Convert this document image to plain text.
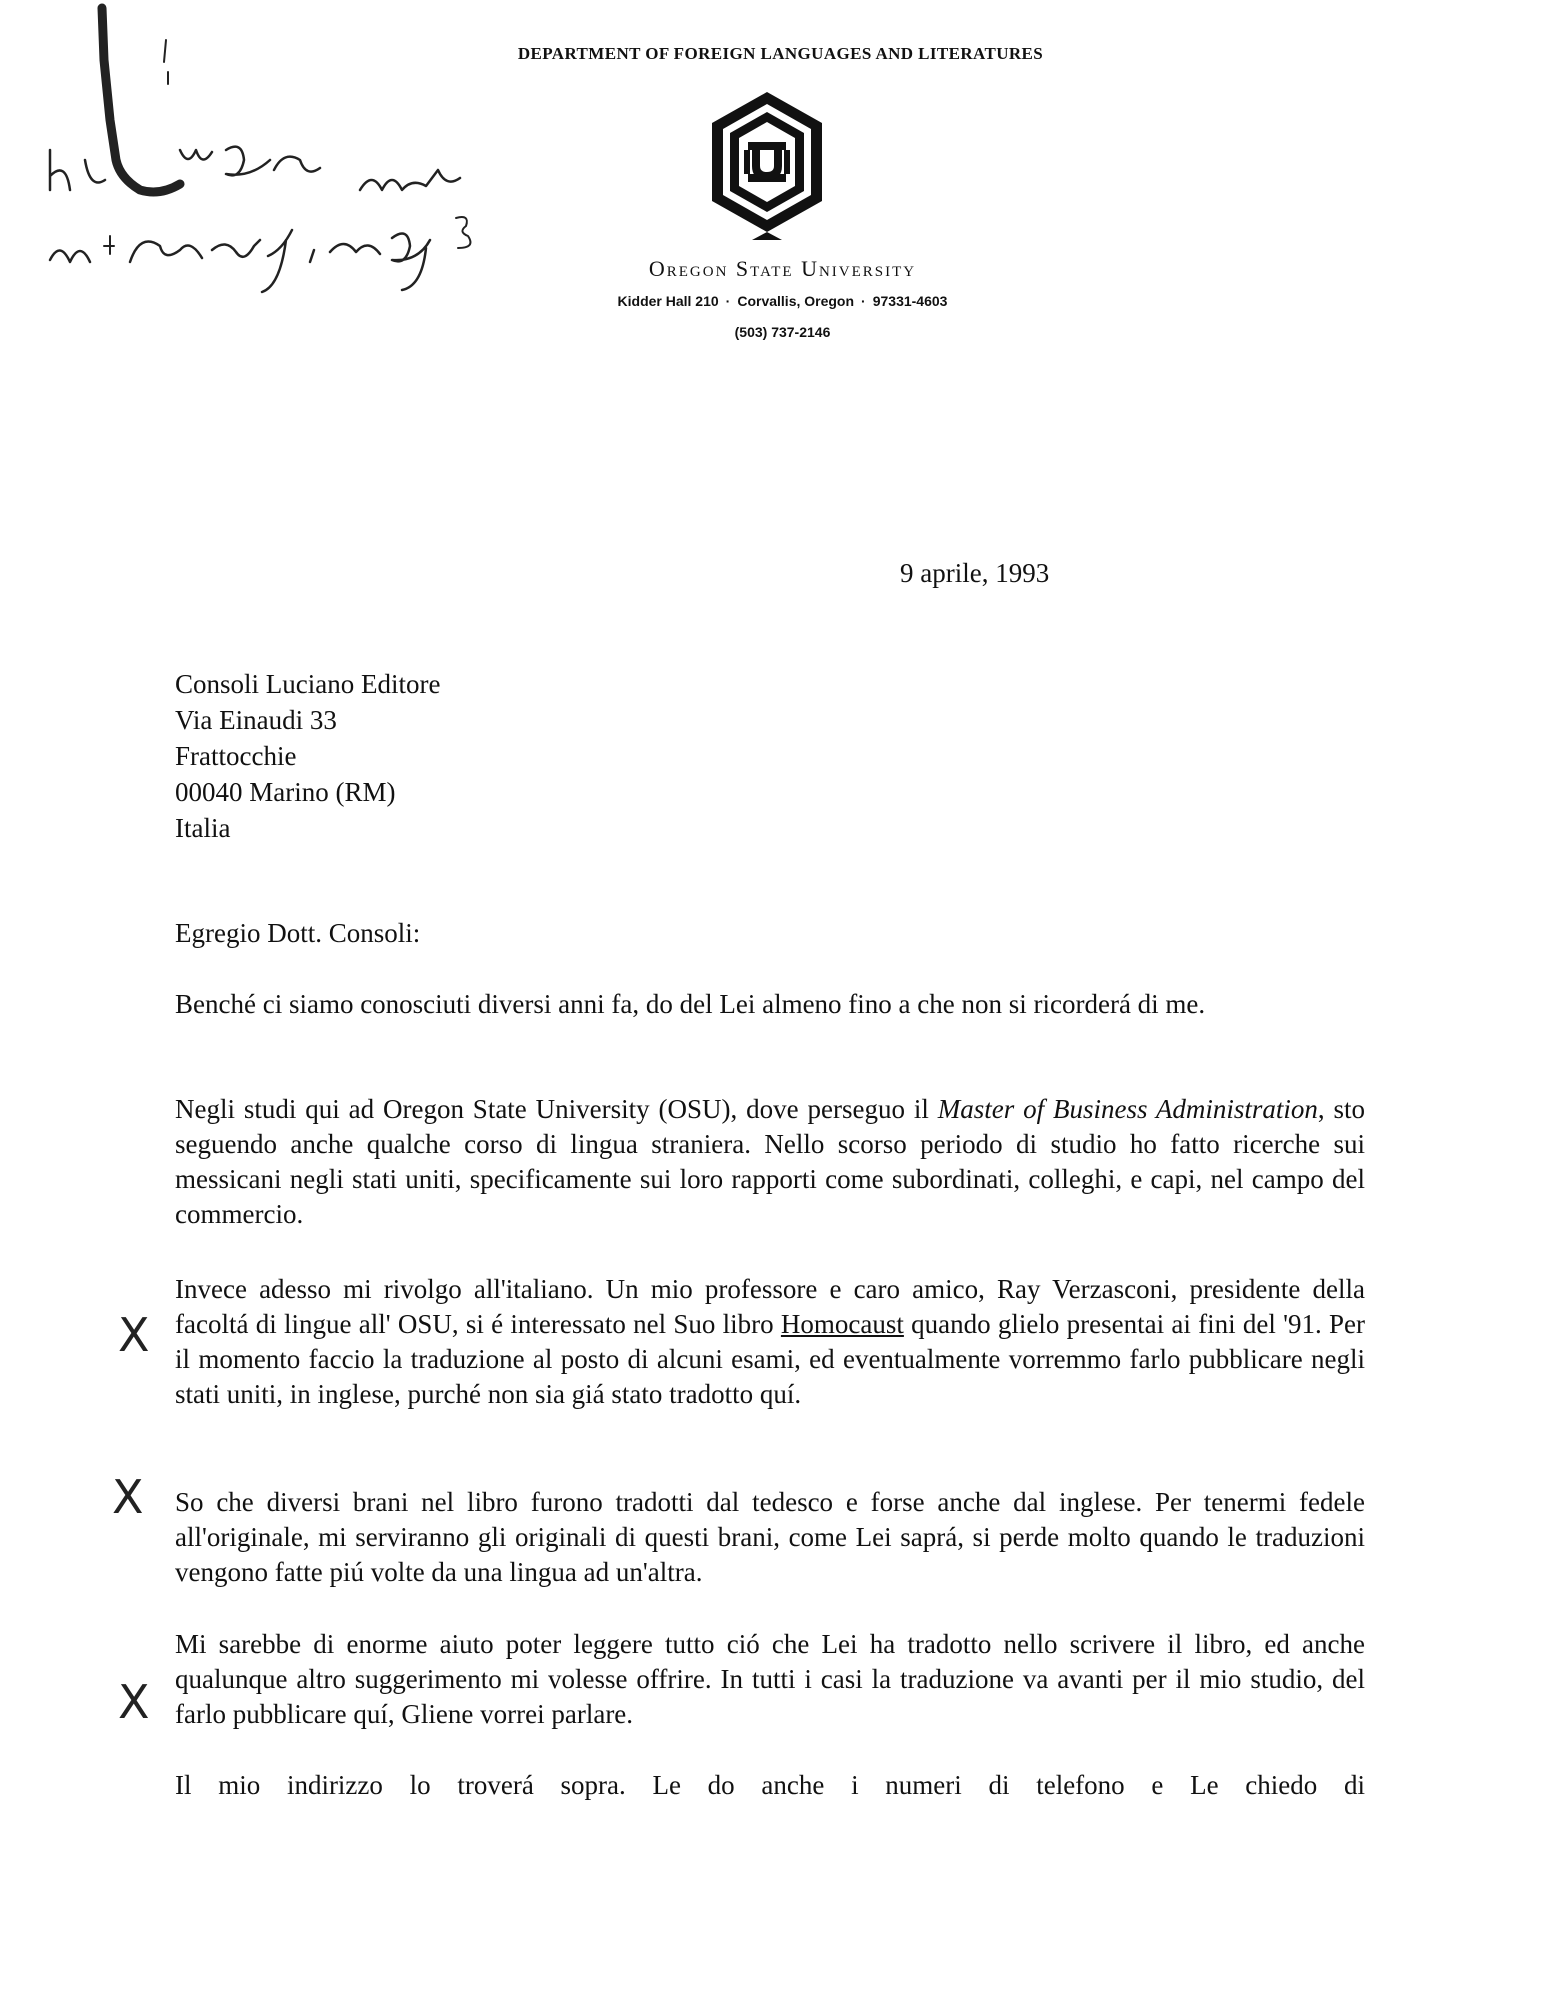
DEPARTMENT OF FOREIGN LANGUAGES AND LITERATURES
Oregon State University
Kidder Hall 210 · Corvallis, Oregon · 97331-4603
(503) 737-2146
9 aprile, 1993
Consoli Luciano Editore
Via Einaudi 33
Frattocchie
00040 Marino (RM)
Italia
Egregio Dott. Consoli:
Benché ci siamo conosciuti diversi anni fa, do del Lei almeno fino a che non si ricorderá di me.
Negli studi qui ad Oregon State University (OSU), dove perseguo il Master of Business Administration, sto seguendo anche qualche corso di lingua straniera. Nello scorso periodo di studio ho fatto ricerche sui messicani negli stati uniti, specificamente sui loro rapporti come subordinati, colleghi, e capi, nel campo del commercio.
Invece adesso mi rivolgo all'italiano. Un mio professore e caro amico, Ray Verzasconi, presidente della facoltá di lingue all' OSU, si é interessato nel Suo libro Homocaust quando glielo presentai ai fini del '91. Per il momento faccio la traduzione al posto di alcuni esami, ed eventualmente vorremmo farlo pubblicare negli stati uniti, in inglese, purché non sia giá stato tradotto quí.
So che diversi brani nel libro furono tradotti dal tedesco e forse anche dal inglese. Per tenermi fedele all'originale, mi serviranno gli originali di questi brani, come Lei saprá, si perde molto quando le traduzioni vengono fatte piú volte da una lingua ad un'altra.
Mi sarebbe di enorme aiuto poter leggere tutto ció che Lei ha tradotto nello scrivere il libro, ed anche qualunque altro suggerimento mi volesse offrire. In tutti i casi la traduzione va avanti per il mio studio, del farlo pubblicare quí, Gliene vorrei parlare.
Il mio indirizzo lo troverá sopra. Le do anche i numeri di telefono e Le chiedo di
X
X
X
